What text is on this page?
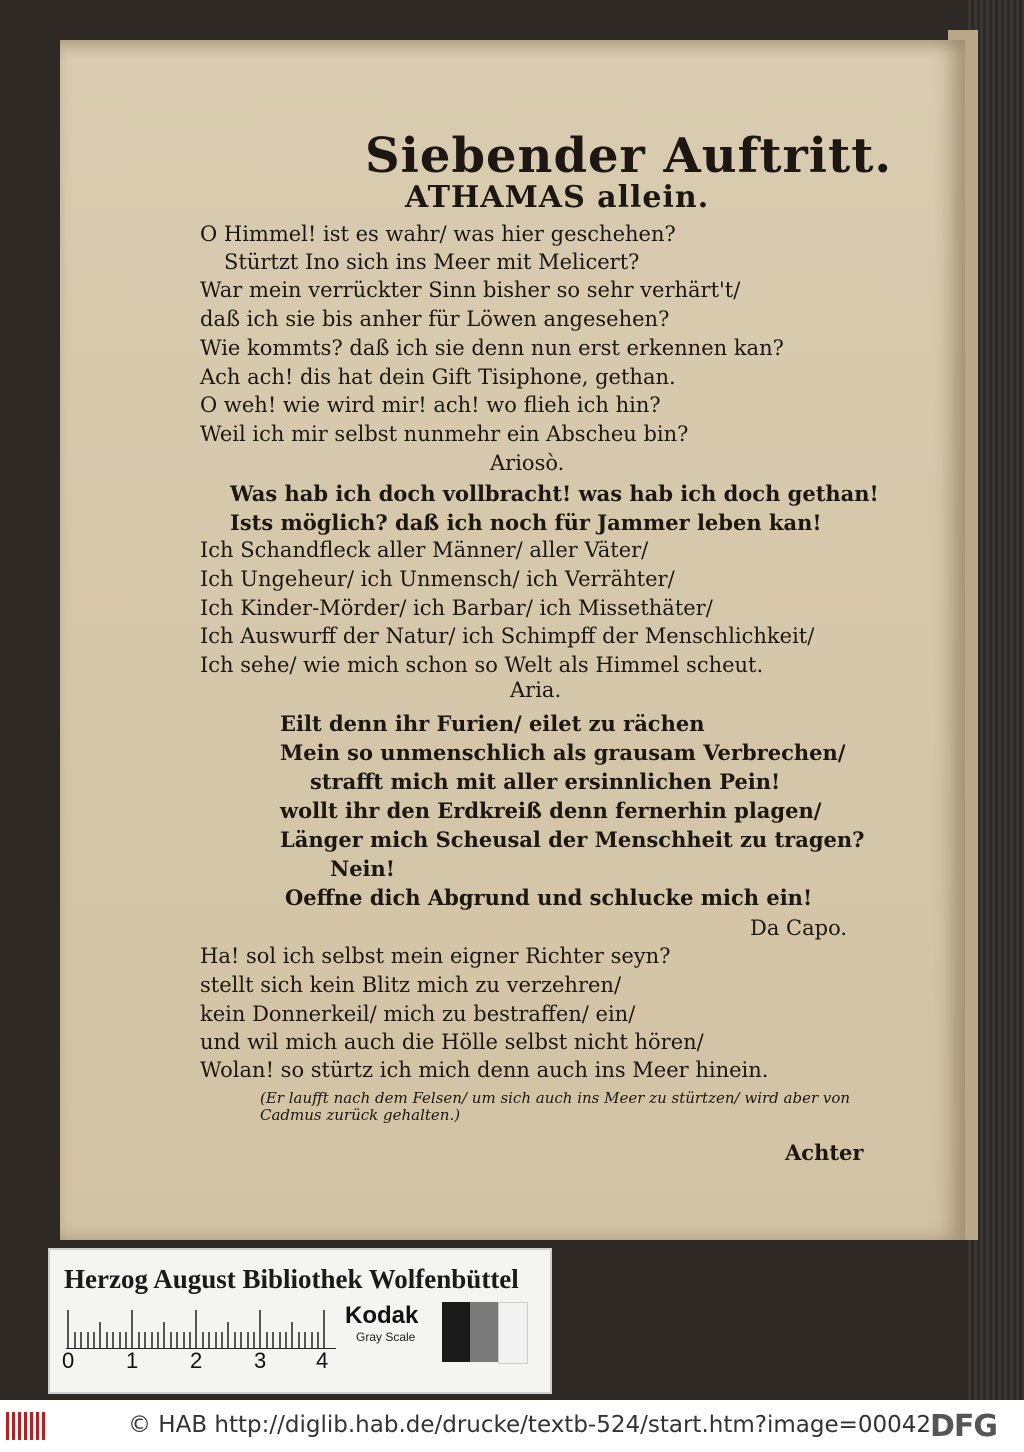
Siebender Auftritt.
ATHAMAS allein.
O Himmel! ist es wahr/ was hier geschehen?
Stürtzt Ino sich ins Meer mit Melicert?
War mein verrückter Sinn bisher so sehr verhärt't/
daß ich sie bis anher für Löwen angesehen?
Wie kommts? daß ich sie denn nun erst erkennen kan?
Ach ach! dis hat dein Gift Tisiphone, gethan.
O weh! wie wird mir! ach! wo flieh ich hin?
Weil ich mir selbst nunmehr ein Abscheu bin?
Ariosò.
Was hab ich doch vollbracht! was hab ich doch gethan!
Ists möglich? daß ich noch für Jammer leben kan!
Ich Schandfleck aller Männer/ aller Väter/
Ich Ungeheur/ ich Unmensch/ ich Verrähter/
Ich Kinder-Mörder/ ich Barbar/ ich Missethäter/
Ich Auswurff der Natur/ ich Schimpff der Menschlichkeit/
Ich sehe/ wie mich schon so Welt als Himmel scheut.
Aria.
Eilt denn ihr Furien/ eilet zu rächen
Mein so unmenschlich als grausam Verbrechen/
strafft mich mit aller ersinnlichen Pein!
wollt ihr den Erdkreiß denn fernerhin plagen/
Länger mich Scheusal der Menschheit zu tragen?
Nein!
Oeffne dich Abgrund und schlucke mich ein!
Da Capo.
Ha! sol ich selbst mein eigner Richter seyn?
stellt sich kein Blitz mich zu verzehren/
kein Donnerkeil/ mich zu bestraffen/ ein/
und wil mich auch die Hölle selbst nicht hören/
Wolan! so stürtz ich mich denn auch ins Meer hinein.
(Er laufft nach dem Felsen/ um sich auch ins Meer zu stürtzen/ wird aber von Cadmus zurück gehalten.)
Achter
Herzog August Bibliothek Wolfenbüttel
0 1 2 3 4
Kodak
Gray Scale
© HAB http://diglib.hab.de/drucke/textb-524/start.htm?image=00042
DFG
